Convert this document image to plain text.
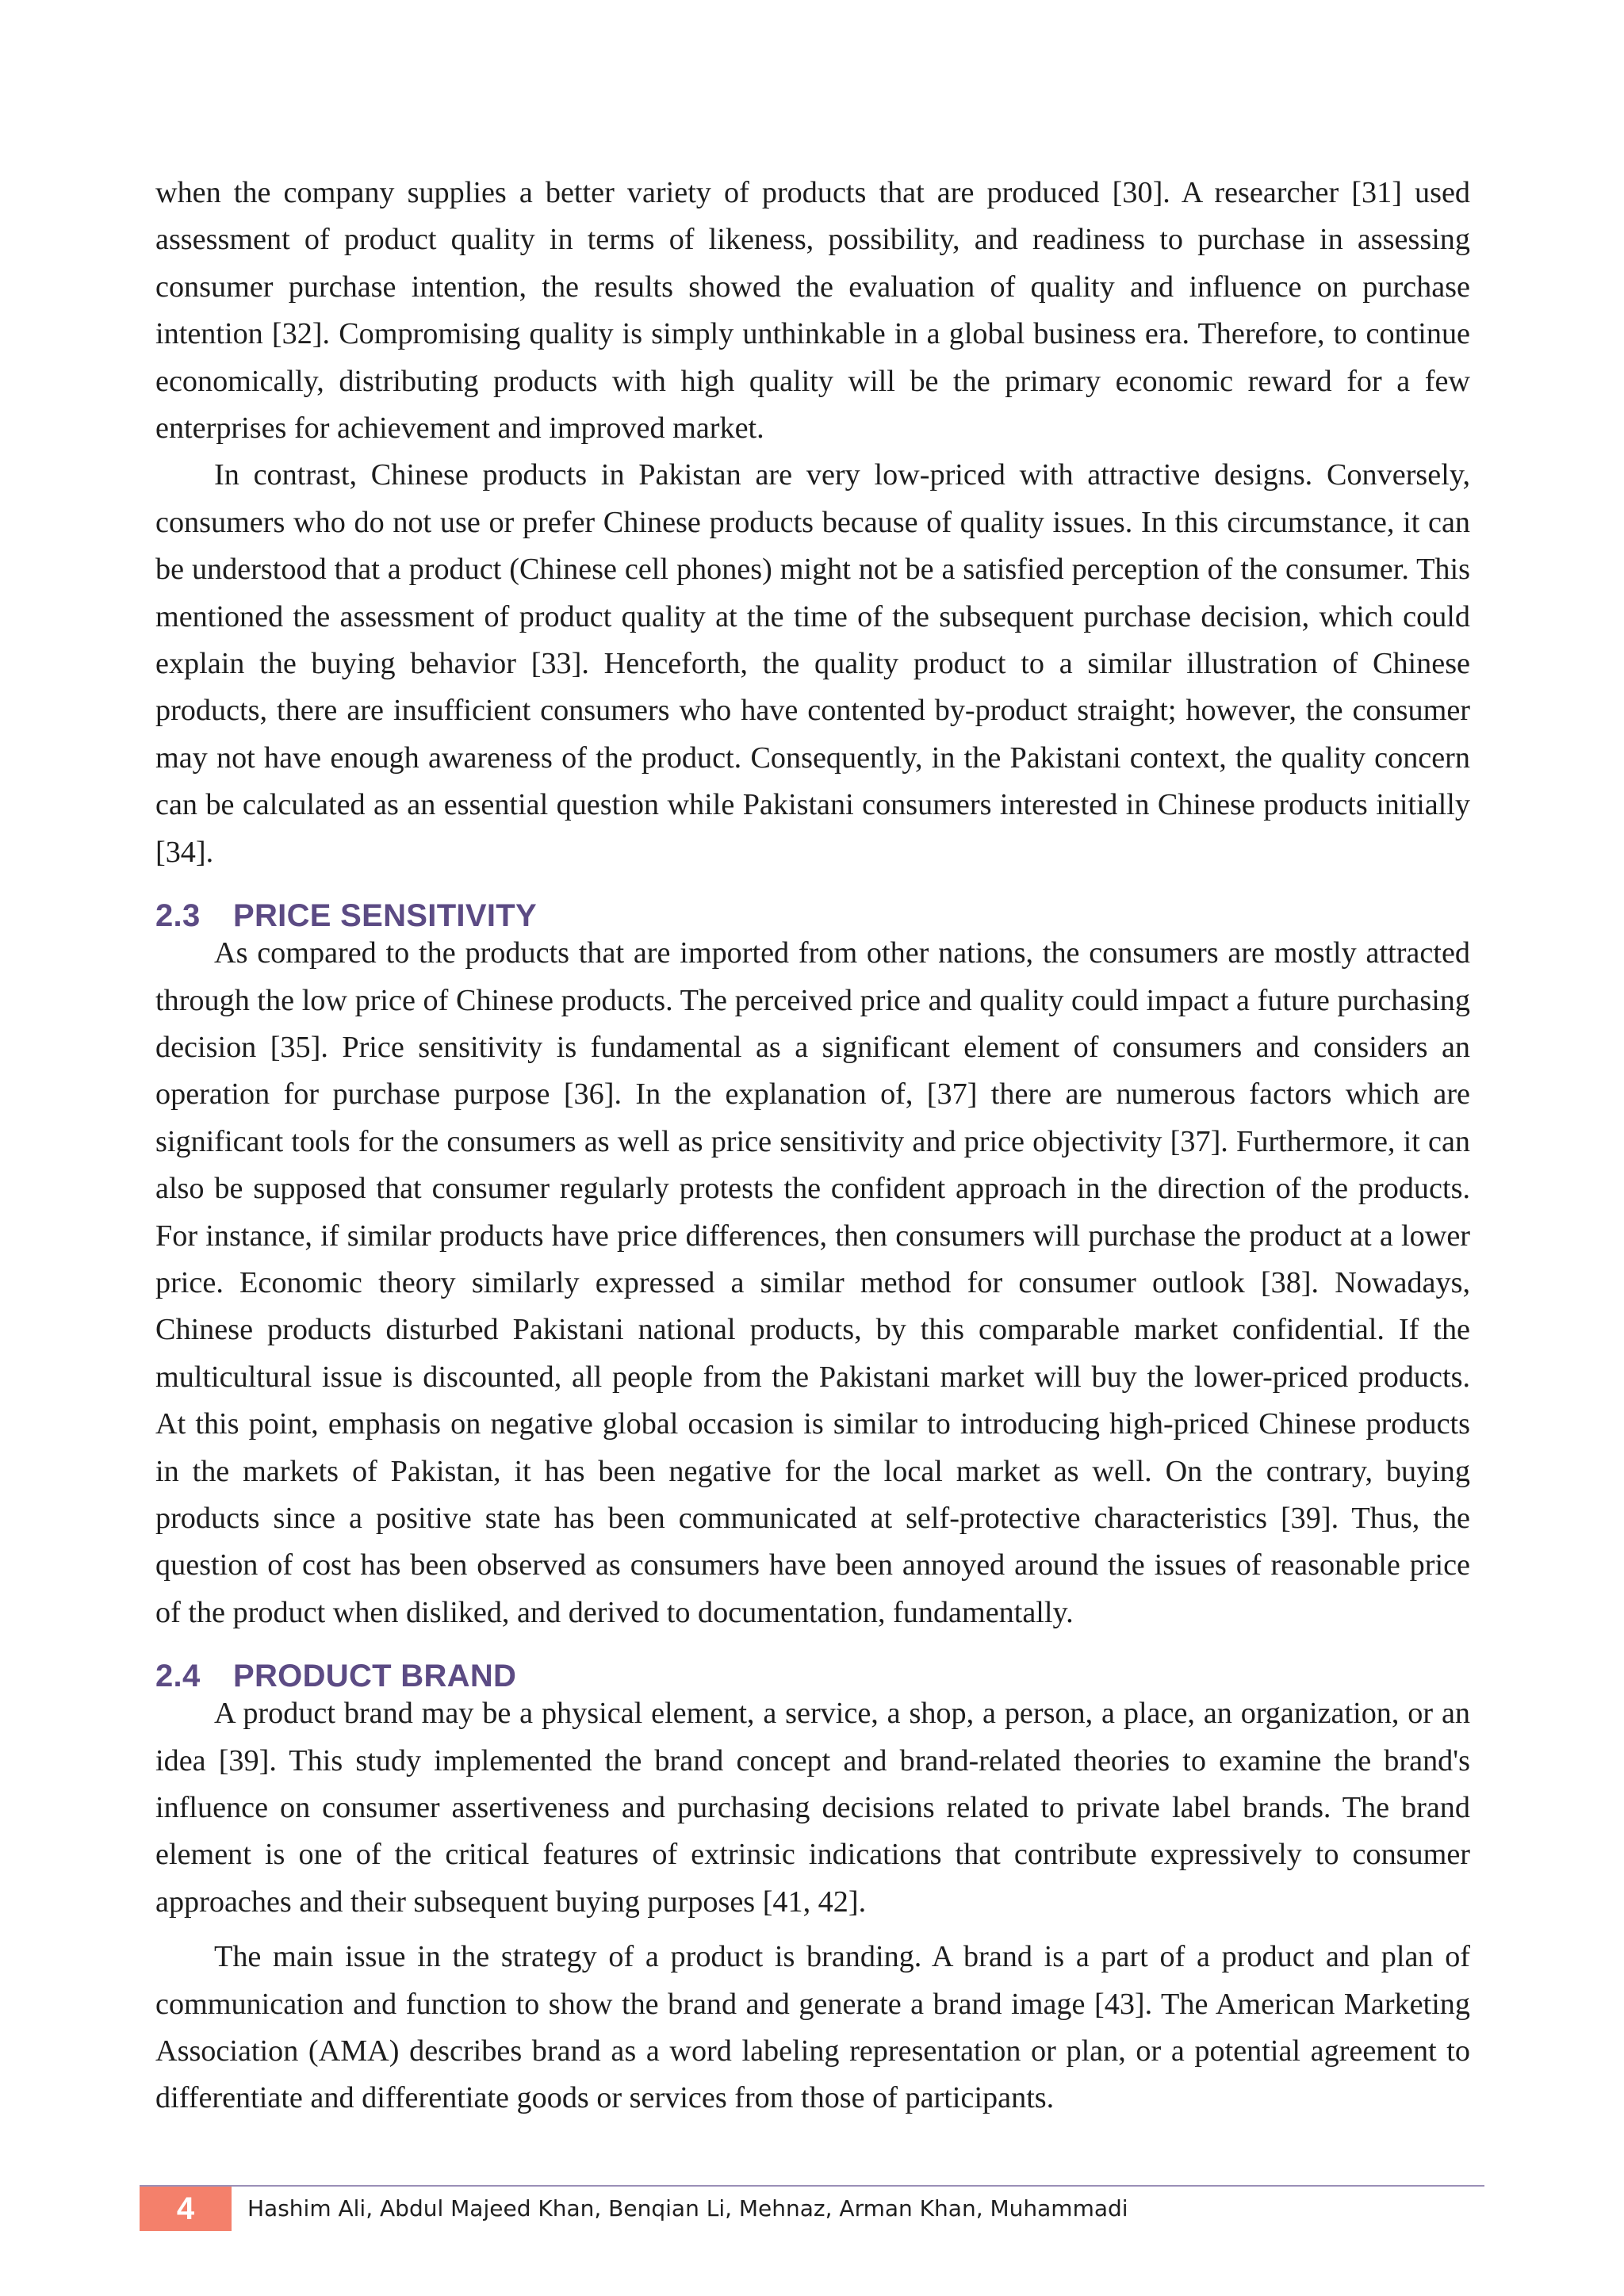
when the company supplies a better variety of products that are produced [30]. A researcher [31] used assessment of product quality in terms of likeness, possibility, and readiness to purchase in assessing consumer purchase intention, the results showed the evaluation of quality and influence on purchase intention [32]. Compromising quality is simply unthinkable in a global business era. Therefore, to continue economically, distributing products with high quality will be the primary economic reward for a few enterprises for achievement and improved market.

In contrast, Chinese products in Pakistan are very low-priced with attractive designs. Conversely, consumers who do not use or prefer Chinese products because of quality issues. In this circumstance, it can be understood that a product (Chinese cell phones) might not be a satisfied perception of the consumer. This mentioned the assessment of product quality at the time of the subsequent purchase decision, which could explain the buying behavior [33]. Henceforth, the quality product to a similar illustration of Chinese products, there are insufficient consumers who have contented by-product straight; however, the consumer may not have enough awareness of the product. Consequently, in the Pakistani context, the quality concern can be calculated as an essential question while Pakistani consumers interested in Chinese products initially [34].

2.3 PRICE SENSITIVITY

As compared to the products that are imported from other nations, the consumers are mostly attracted through the low price of Chinese products. The perceived price and quality could impact a future purchasing decision [35]. Price sensitivity is fundamental as a significant element of consumers and considers an operation for purchase purpose [36]. In the explanation of, [37] there are numerous factors which are significant tools for the consumers as well as price sensitivity and price objectivity [37]. Furthermore, it can also be supposed that consumer regularly protests the confident approach in the direction of the products. For instance, if similar products have price differences, then consumers will purchase the product at a lower price. Economic theory similarly expressed a similar method for consumer outlook [38]. Nowadays, Chinese products disturbed Pakistani national products, by this comparable market confidential. If the multicultural issue is discounted, all people from the Pakistani market will buy the lower-priced products. At this point, emphasis on negative global occasion is similar to introducing high-priced Chinese products in the markets of Pakistan, it has been negative for the local market as well. On the contrary, buying products since a positive state has been communicated at self-protective characteristics [39]. Thus, the question of cost has been observed as consumers have been annoyed around the issues of reasonable price of the product when disliked, and derived to documentation, fundamentally.

2.4 PRODUCT BRAND

A product brand may be a physical element, a service, a shop, a person, a place, an organization, or an idea [39]. This study implemented the brand concept and brand-related theories to examine the brand's influence on consumer assertiveness and purchasing decisions related to private label brands. The brand element is one of the critical features of extrinsic indications that contribute expressively to consumer approaches and their subsequent buying purposes [41, 42].

The main issue in the strategy of a product is branding. A brand is a part of a product and plan of communication and function to show the brand and generate a brand image [43]. The American Marketing Association (AMA) describes brand as a word labeling representation or plan, or a potential agreement to differentiate and differentiate goods or services from those of participants.

4	Hashim Ali, Abdul Majeed Khan, Benqian Li, Mehnaz, Arman Khan, Muhammadi
